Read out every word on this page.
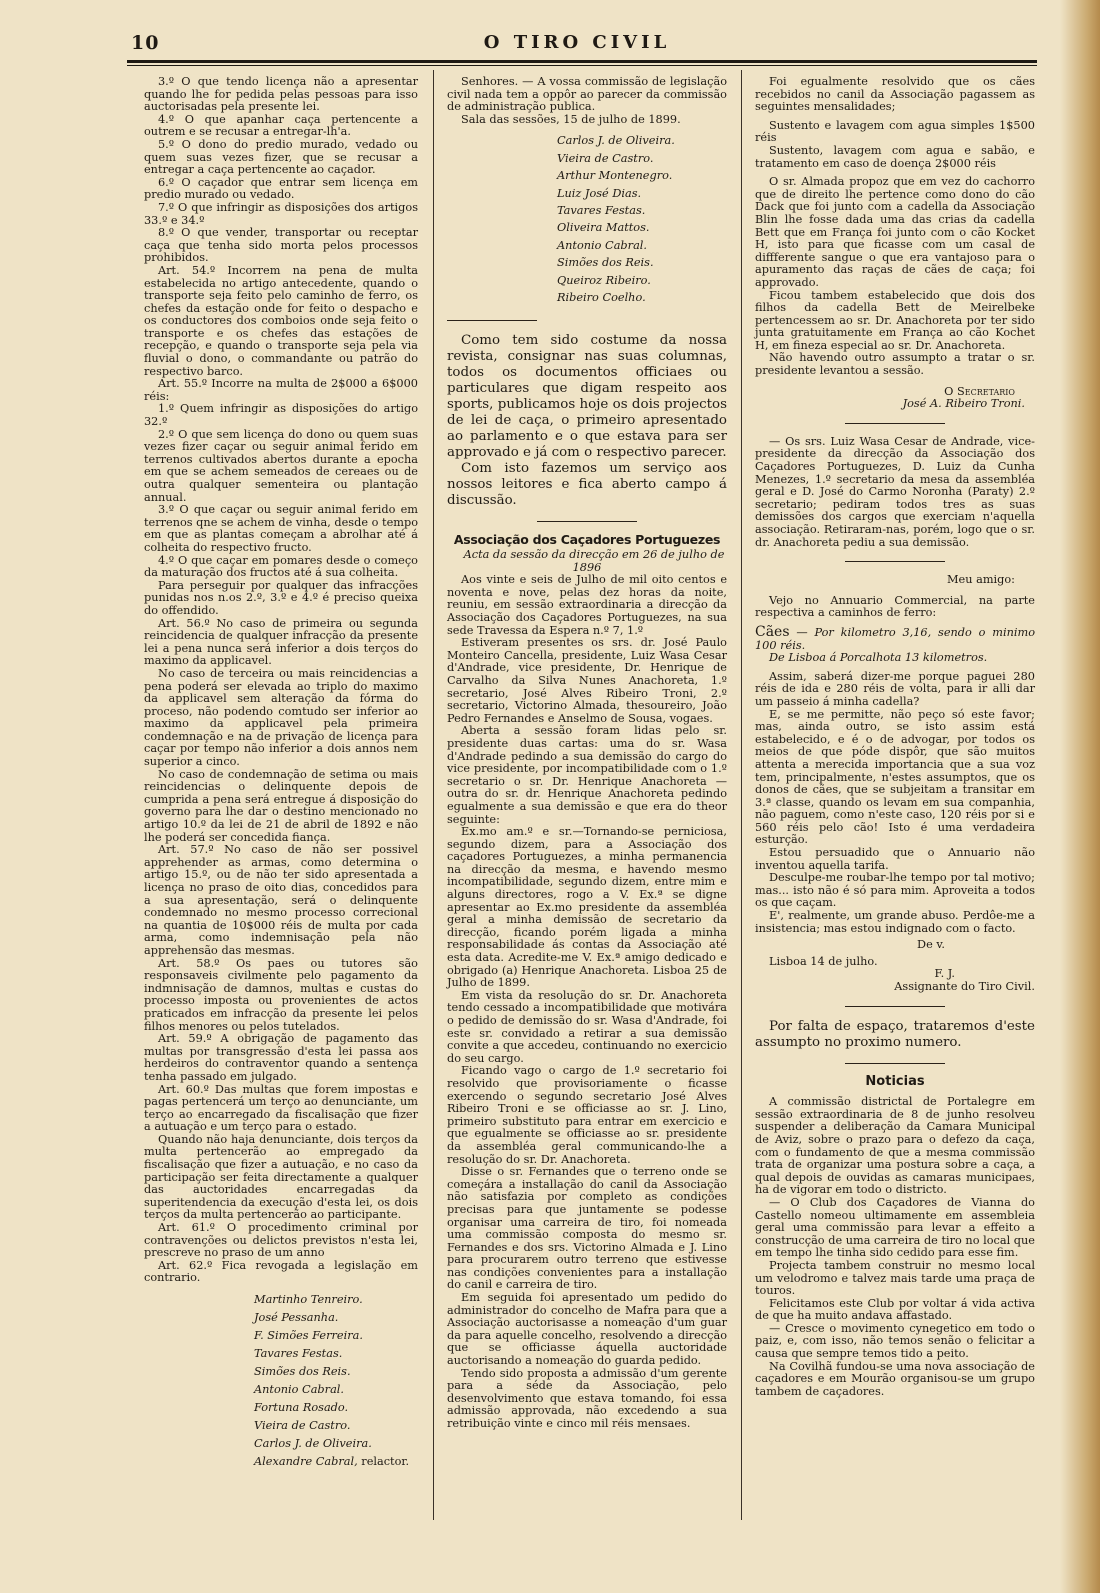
10	O TIRO CIVIL

3.º O que tendo licença não a apresentar quando lhe for pedida pelas pessoas para isso auctorisadas pela presente lei.

4.º O que apanhar caça pertencente a outrem e se recusar a entregar-lh'a.

5.º O dono do predio murado, vedado ou quem suas vezes fizer, que se recusar a entregar a caça pertencente ao caçador.

6.º O caçador que entrar sem licença em predio murado ou vedado.

7.º O que infringir as disposições dos artigos 33.º e 34.º

8.º O que vender, transportar ou receptar caça que tenha sido morta pelos processos prohibidos.

Art. 54.º Incorrem na pena de multa estabelecida no artigo antecedente, quando o transporte seja feito pelo caminho de ferro, os chefes da estação onde for feito o despacho e os conductores dos comboios onde seja feito o transporte e os chefes das estações de recepção, e quando o transporte seja pela via fluvial o dono, o commandante ou patrão do respectivo barco.

Art. 55.º Incorre na multa de 2$000 a 6$000 réis:

1.º Quem infringir as disposições do artigo 32.º

2.º O que sem licença do dono ou quem suas vezes fizer caçar ou seguir animal ferido em terrenos cultivados abertos durante a epocha em que se achem semeados de cereaes ou de outra qualquer sementeira ou plantação annual.

3.º O que caçar ou seguir animal ferido em terrenos qne se achem de vinha, desde o tempo em que as plantas começam a abrolhar até á colheita do respectivo fructo.

4.º O que caçar em pomares desde o começo da maturação dos fructos até á sua colheita.

Para perseguir por qualquer das infracções punidas nos n.os 2.º, 3.º e 4.º é preciso queixa do offendido.

Art. 56.º No caso de primeira ou segunda reincidencia de qualquer infracção da presente lei a pena nunca será inferior a dois terços do maximo da applicavel.

No caso de terceira ou mais reincidencias a pena poderá ser elevada ao triplo do maximo da applicavel sem alteração da fórma do proceso, não podendo comtudo ser inferior ao maximo da applicavel pela primeira condemnação e na de privação de licença para caçar por tempo não inferior a dois annos nem superior a cinco.

No caso de condemnação de setima ou mais reincidencias o delinquente depois de cumprida a pena será entregue á disposição do governo para lhe dar o destino mencionado no artigo 10.º da lei de 21 de abril de 1892 e não lhe poderá ser concedida fiança.

Art. 57.º No caso de não ser possivel apprehender as armas, como determina o artigo 15.º, ou de não ter sido apresentada a licença no praso de oito dias, concedidos para a sua apresentação, será o delinquente condemnado no mesmo processo correcional na quantia de 10$000 réis de multa por cada arma, como indemnisação pela não apprehensão das mesmas.

Art. 58.º Os paes ou tutores são responsaveis civilmente pelo pagamento da indmnisação de damnos, multas e custas do processo imposta ou provenientes de actos praticados em infracção da presente lei pelos filhos menores ou pelos tutelados.

Art. 59.º A obrigação de pagamento das multas por transgressão d'esta lei passa aos herdeiros do contraventor quando a sentença tenha passado em julgado.

Art. 60.º Das multas que forem impostas e pagas pertencerá um terço ao denunciante, um terço ao encarregado da fiscalisação que fizer a autuação e um terço para o estado.

Quando não haja denunciante, dois terços da multa pertencerão ao empregado da fiscalisação que fizer a autuação, e no caso da participação ser feita directamente a qualquer das auctoridades encarregadas da superitendencia da execução d'esta lei, os dois terços da multa pertencerão ao participante.

Art. 61.º O procedimento criminal por contravenções ou delictos previstos n'esta lei, prescreve no praso de um anno

Art. 62.º Fica revogada a legislação em contrario.

Martinho Tenreiro.

José Pessanha.

F. Simões Ferreira.

Tavares Festas.

Simões dos Reis.

Antonio Cabral.

Fortuna Rosado.

Vieira de Castro.

Carlos J. de Oliveira.

Alexandre Cabral, relactor.

Senhores. — A vossa commissão de legislação civil nada tem a oppôr ao parecer da commissão de administração publica.

Sala das sessões, 15 de julho de 1899.

Carlos J. de Oliveira.

Vieira de Castro.

Arthur Montenegro.

Luiz José Dias.

Tavares Festas.

Oliveira Mattos.

Antonio Cabral.

Simões dos Reis.

Queiroz Ribeiro.

Ribeiro Coelho.

Como tem sido costume da nossa revista, consignar nas suas columnas, todos os documentos officiaes ou particulares que digam respeito aos sports, publicamos hoje os dois projectos de lei de caça, o primeiro apresentado ao parlamento e o que estava para ser approvado e já com o respectivo parecer.

Com isto fazemos um serviço aos nossos leitores e fica aberto campo á discussão.

Associação dos Caçadores Portuguezes

Acta da sessão da direcção em 26 de julho de 1896

Aos vinte e seis de Julho de mil oito centos e noventa e nove, pelas dez horas da noite, reuniu, em sessão extraordinaria a direcção da Associação dos Caçadores Portuguezes, na sua sede Travessa da Espera n.º 7, 1.º

Estiveram presentes os srs. dr. José Paulo Monteiro Cancella, presidente, Luiz Wasa Cesar d'Andrade, vice presidente, Dr. Henrique de Carvalho da Silva Nunes Anachoreta, 1.º secretario, José Alves Ribeiro Troni, 2.º secretario, Victorino Almada, thesoureiro, João Pedro Fernandes e Anselmo de Sousa, vogaes.

Aberta a sessão foram lidas pelo sr. presidente duas cartas: uma do sr. Wasa d'Andrade pedindo a sua demissão do cargo do vice presidente, por incompatibilidade com o 1.º secretario o sr. Dr. Henrique Anachoreta — outra do sr. dr. Henrique Anachoreta pedindo egualmente a sua demissão e que era do theor seguinte:

Ex.mo am.º e sr.—Tornando-se perniciosa, segundo dizem, para a Associação dos caçadores Portuguezes, a minha permanencia na direcção da mesma, e havendo mesmo incompatibilidade, segundo dizem, entre mim e alguns directores, rogo a V. Ex.ª se digne apresentar ao Ex.mo presidente da assembléa geral a minha demissão de secretario da direcção, ficando porém ligada a minha responsabilidade ás contas da Associação até esta data. Acredite-me V. Ex.ª amigo dedicado e obrigado (a) Henrique Anachoreta. Lisboa 25 de Julho de 1899.

Em vista da resolução do sr. Dr. Anachoreta tendo cessado a incompatibilidade que motivára o pedido de demissão do sr. Wasa d'Andrade, foi este sr. convidado a retirar a sua demissão convite a que accedeu, continuando no exercicio do seu cargo.

Ficando vago o cargo de 1.º secretario foi resolvido que provisoriamente o ficasse exercendo o segundo secretario José Alves Ribeiro Troni e se officiasse ao sr. J. Lino, primeiro substituto para entrar em exercicio e que egualmente se officiasse ao sr. presidente da assembléa geral communicando-lhe a resolução do sr. Dr. Anachoreta.

Disse o sr. Fernandes que o terreno onde se começára a installação do canil da Associação não satisfazia por completo as condições precisas para que juntamente se podesse organisar uma carreira de tiro, foi nomeada uma commissão composta do mesmo sr. Fernandes e dos srs. Victorino Almada e J. Lino para procurarem outro terreno que estivesse nas condições convenientes para a installação do canil e carreira de tiro.

Em seguida foi apresentado um pedido do administrador do concelho de Mafra para que a Associação auctorisasse a nomeação d'um guar da para aquelle concelho, resolvendo a direcção que se officiasse áquella auctoridade auctorisando a nomeação do guarda pedido.

Tendo sido proposta a admissão d'um gerente para a séde da Associação, pelo desenvolvimento que estava tomando, foi essa admissão approvada, não excedendo a sua retribuição vinte e cinco mil réis mensaes.

Foi egualmente resolvido que os cães recebidos no canil da Associação pagassem as seguintes mensalidades;

Sustento e lavagem com agua simples 1$500 réis

Sustento, lavagem com agua e sabão, e tratamento em caso de doença 2$000 réis

O sr. Almada propoz que em vez do cachorro que de direito lhe pertence como dono do cão Dack que foi junto com a cadella da Associação Blin lhe fosse dada uma das crias da cadella Bett que em França foi junto com o cão Kocket H, isto para que ficasse com um casal de diffferente sangue o que era vantajoso para o apuramento das raças de cães de caça; foi approvado.

Ficou tambem estabelecido que dois dos filhos da cadella Bett de Meirelbeke pertencessem ao sr. Dr. Anachoreta por ter sido junta gratuitamente em França ao cão Kochet H, em fineza especial ao sr. Dr. Anachoreta.

Não havendo outro assumpto a tratar o sr. presidente levantou a sessão.

O Secretario

José A. Ribeiro Troni.

— Os srs. Luiz Wasa Cesar de Andrade, vice-presidente da direcção da Associação dos Caçadores Portuguezes, D. Luiz da Cunha Menezes, 1.º secretario da mesa da assembléa geral e D. José do Carmo Noronha (Paraty) 2.º secretario; pediram todos tres as suas demissões dos cargos que exerciam n'aquella associação. Retiraram-nas, porém, logo que o sr. dr. Anachoreta pediu a sua demissão.

Meu amigo:

Vejo no Annuario Commercial, na parte respectiva a caminhos de ferro:

Cães — Por kilometro 3,16, sendo o minimo 100 réis.

De Lisboa á Porcalhota 13 kilometros.

Assim, saberá dizer-me porque paguei 280 réis de ida e 280 réis de volta, para ir alli dar um passeio á minha cadella?

E, se me permitte, não peço só este favor; mas, ainda outro, se isto assim está estabelecido, e é o de advogar, por todos os meios de que póde dispôr, que são muitos attenta a merecida importancia que a sua voz tem, principalmente, n'estes assumptos, que os donos de cães, que se subjeitam a transitar em 3.ª classe, quando os levam em sua companhia, não paguem, como n'este caso, 120 réis por si e 560 réis pelo cão! Isto é uma verdadeira esturção.

Estou persuadido que o Annuario não inventou aquella tarifa.

Desculpe-me roubar-lhe tempo por tal motivo; mas... isto não é só para mim. Aproveita a todos os que caçam.

E', realmente, um grande abuso. Perdôe-me a insistencia; mas estou indignado com o facto.

De v.

Lisboa 14 de julho.

F. J.

Assignante do Tiro Civil.

Por falta de espaço, trataremos d'este assumpto no proximo numero.

Noticias

A commissão districtal de Portalegre em sessão extraordinaria de 8 de junho resolveu suspender a deliberação da Camara Municipal de Aviz, sobre o prazo para o defezo da caça, com o fundamento de que a mesma commissão trata de organizar uma postura sobre a caça, a qual depois de ouvidas as camaras municipaes, ha de vigorar em todo o districto.

— O Club dos Caçadores de Vianna do Castello nomeou ultimamente em assembleia geral uma commissão para levar a effeito a construcção de uma carreira de tiro no local que em tempo lhe tinha sido cedido para esse fim.

Projecta tambem construir no mesmo local um velodromo e talvez mais tarde uma praça de touros.

Felicitamos este Club por voltar á vida activa de que ha muito andava affastado.

— Cresce o movimento cynegetico em todo o paiz, e, com isso, não temos senão o felicitar a causa que sempre temos tido a peito.

Na Covilhã fundou-se uma nova associação de caçadores e em Mourão organisou-se um grupo tambem de caçadores.
